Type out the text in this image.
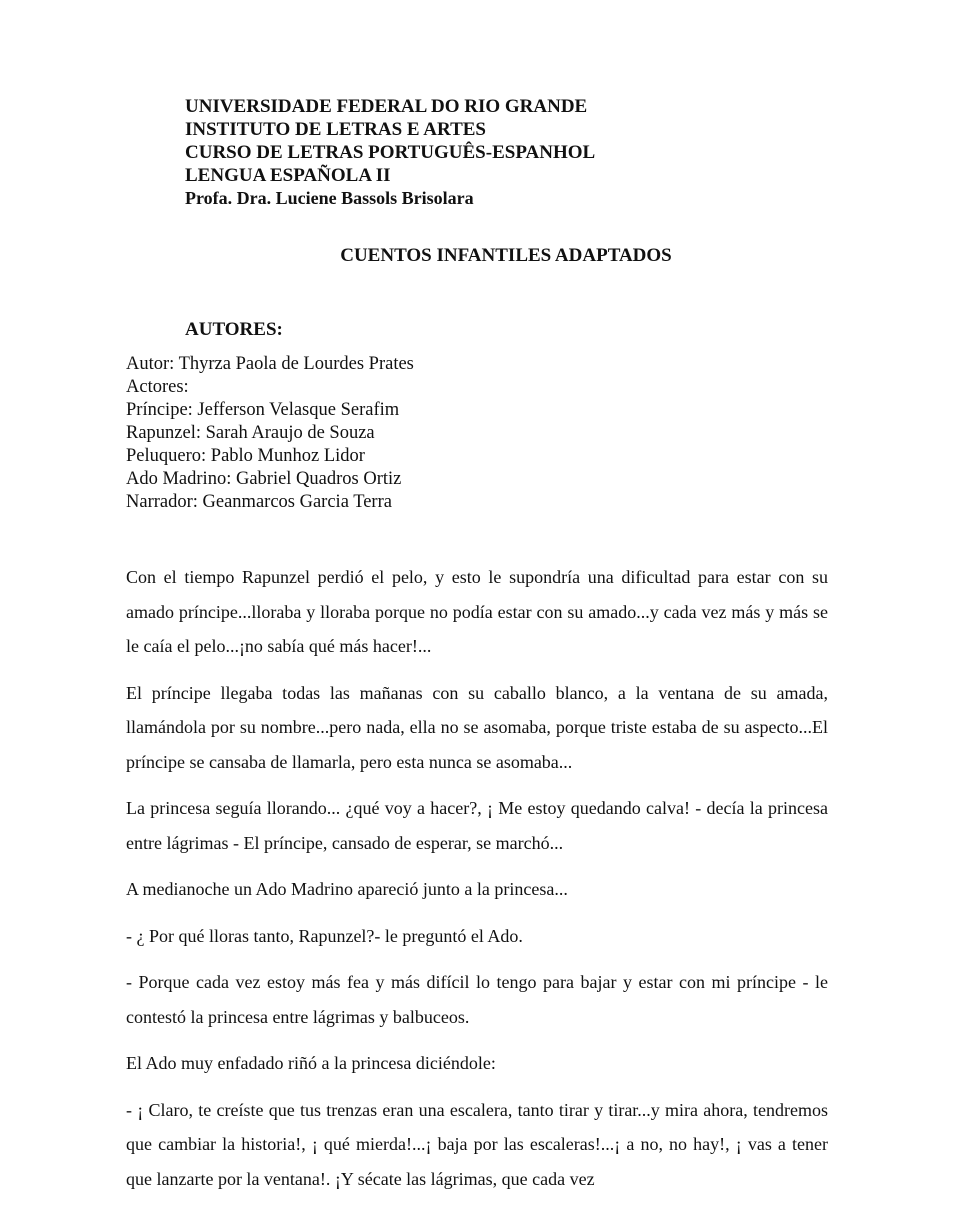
UNIVERSIDADE FEDERAL DO RIO GRANDE
INSTITUTO DE LETRAS E ARTES
CURSO DE LETRAS PORTUGUÊS-ESPANHOL
LENGUA ESPAÑOLA II
Profa. Dra. Luciene Bassols Brisolara
CUENTOS INFANTILES ADAPTADOS
AUTORES:
Autor: Thyrza Paola de Lourdes Prates
Actores:
Príncipe: Jefferson Velasque Serafim
Rapunzel: Sarah Araujo de Souza
Peluquero: Pablo Munhoz Lidor
Ado Madrino: Gabriel Quadros Ortiz
Narrador: Geanmarcos Garcia Terra

Con el tiempo Rapunzel perdió el pelo, y esto le supondría una dificultad para estar con su amado príncipe...lloraba y lloraba porque no podía estar con su amado...y cada vez más y más se le caía el pelo...¡no sabía qué más hacer!...

El príncipe llegaba todas las mañanas con su caballo blanco, a la ventana de su amada, llamándola por su nombre...pero nada, ella no se asomaba, porque triste estaba de su aspecto...El príncipe se cansaba de llamarla, pero esta nunca se asomaba...

La princesa seguía llorando... ¿qué voy a hacer?, ¡ Me estoy quedando calva! - decía la princesa entre lágrimas - El príncipe, cansado de esperar, se marchó...

A medianoche un Ado Madrino apareció junto a la princesa...

- ¿ Por qué lloras tanto, Rapunzel?- le preguntó el Ado.

- Porque cada vez estoy más fea y más difícil lo tengo para bajar y estar con mi príncipe - le contestó la princesa entre lágrimas y balbuceos.

El Ado muy enfadado riñó a la princesa diciéndole:

- ¡ Claro, te creíste que tus trenzas eran una escalera, tanto tirar y tirar...y mira ahora, tendremos que cambiar la historia!, ¡ qué mierda!...¡ baja por las escaleras!...¡ a no, no hay!, ¡ vas a tener que lanzarte por la ventana!. ¡Y sécate las lágrimas, que cada vez
